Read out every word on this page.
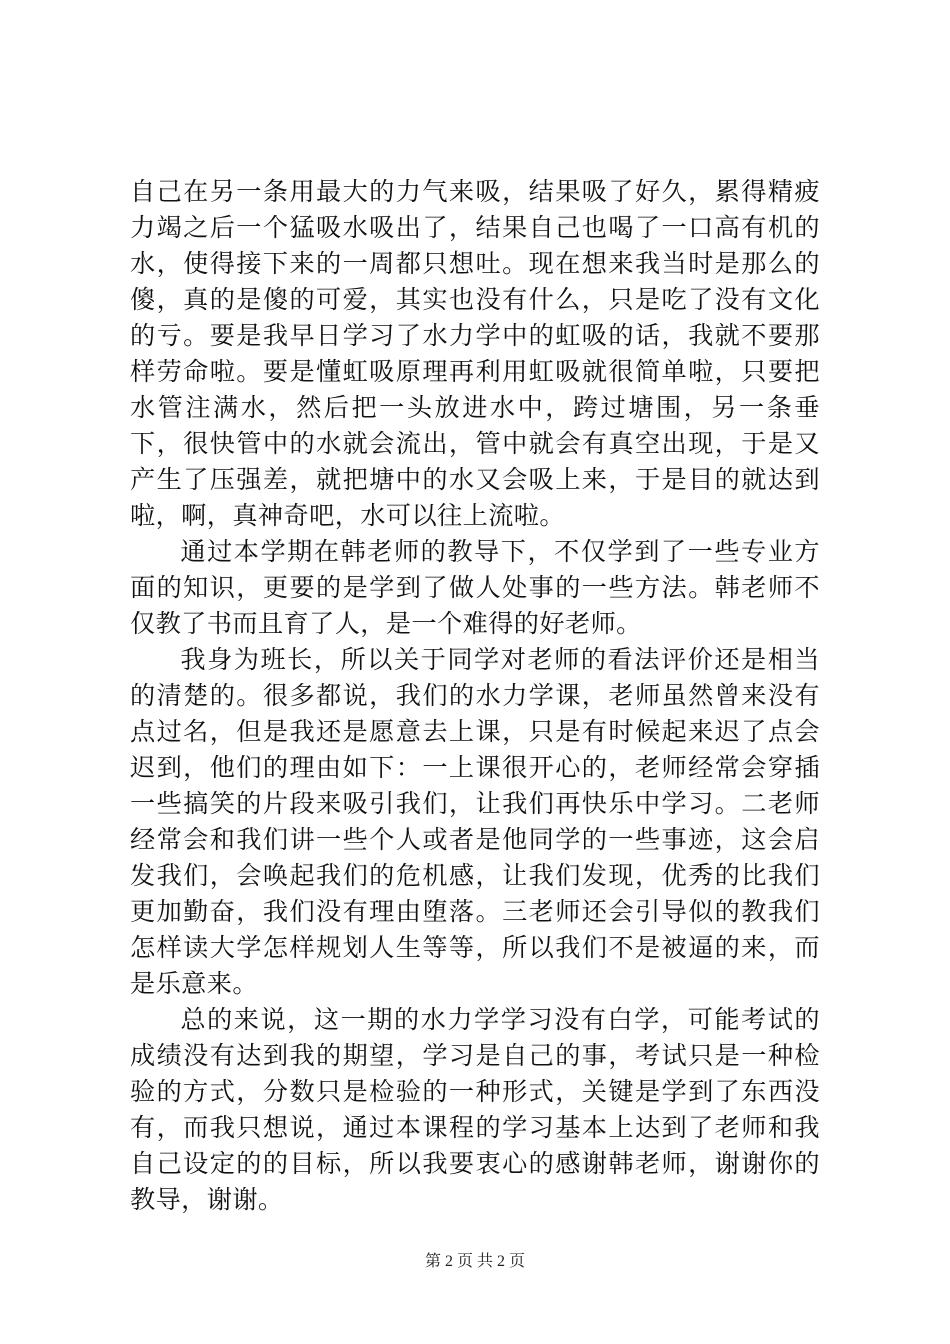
自己在另一条用最大的力气来吸，结果吸了好久，累得精疲力竭之后一个猛吸水吸出了，结果自己也喝了一口高有机的水，使得接下来的一周都只想吐。现在想来我当时是那么的傻，真的是傻的可爱，其实也没有什么，只是吃了没有文化的亏。要是我早日学习了水力学中的虹吸的话，我就不要那样劳命啦。要是懂虹吸原理再利用虹吸就很简单啦，只要把水管注满水，然后把一头放进水中，跨过塘围，另一条垂下，很快管中的水就会流出，管中就会有真空出现，于是又产生了压强差，就把塘中的水又会吸上来，于是目的就达到啦，啊，真神奇吧，水可以往上流啦。

通过本学期在韩老师的教导下，不仅学到了一些专业方面的知识，更要的是学到了做人处事的一些方法。韩老师不仅教了书而且育了人，是一个难得的好老师。

我身为班长，所以关于同学对老师的看法评价还是相当的清楚的。很多都说，我们的水力学课，老师虽然曾来没有点过名，但是我还是愿意去上课，只是有时候起来迟了点会迟到，他们的理由如下：一上课很开心的，老师经常会穿插一些搞笑的片段来吸引我们，让我们再快乐中学习。二老师经常会和我们讲一些个人或者是他同学的一些事迹，这会启发我们，会唤起我们的危机感，让我们发现，优秀的比我们更加勤奋，我们没有理由堕落。三老师还会引导似的教我们怎样读大学怎样规划人生等等，所以我们不是被逼的来，而是乐意来。

总的来说，这一期的水力学学习没有白学，可能考试的成绩没有达到我的期望，学习是自己的事，考试只是一种检验的方式，分数只是检验的一种形式，关键是学到了东西没有，而我只想说，通过本课程的学习基本上达到了老师和我自己设定的的目标，所以我要衷心的感谢韩老师，谢谢你的教导，谢谢。

第 2 页 共 2 页
